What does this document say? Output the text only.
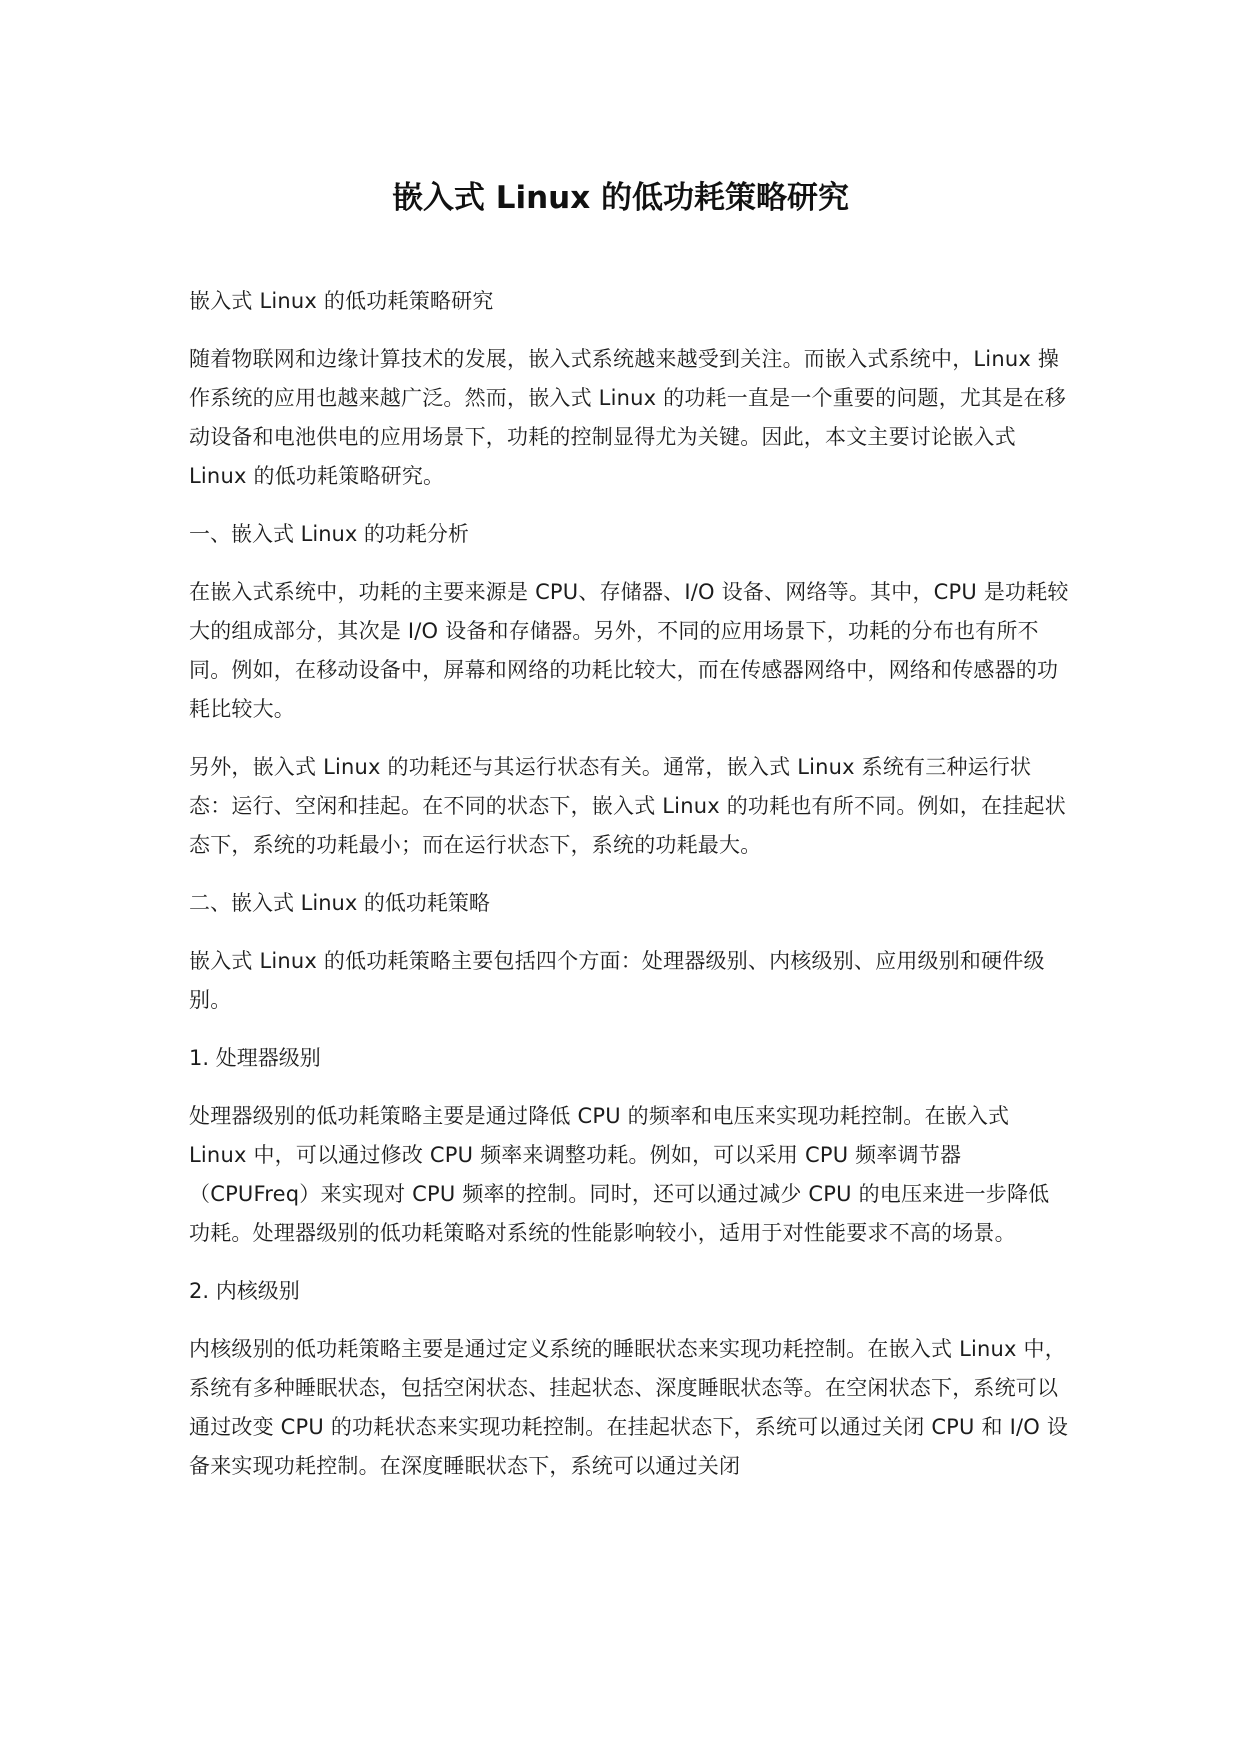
嵌入式 Linux 的低功耗策略研究

嵌入式 Linux 的低功耗策略研究

随着物联网和边缘计算技术的发展，嵌入式系统越来越受到关注。而嵌入式系统中，Linux 操作系统的应用也越来越广泛。然而，嵌入式 Linux 的功耗一直是一个重要的问题，尤其是在移动设备和电池供电的应用场景下，功耗的控制显得尤为关键。因此，本文主要讨论嵌入式 Linux 的低功耗策略研究。

一、嵌入式 Linux 的功耗分析

在嵌入式系统中，功耗的主要来源是 CPU、存储器、I/O 设备、网络等。其中，CPU 是功耗较大的组成部分，其次是 I/O 设备和存储器。另外，不同的应用场景下，功耗的分布也有所不同。例如，在移动设备中，屏幕和网络的功耗比较大，而在传感器网络中，网络和传感器的功耗比较大。

另外，嵌入式 Linux 的功耗还与其运行状态有关。通常，嵌入式 Linux 系统有三种运行状态：运行、空闲和挂起。在不同的状态下，嵌入式 Linux 的功耗也有所不同。例如，在挂起状态下，系统的功耗最小；而在运行状态下，系统的功耗最大。

二、嵌入式 Linux 的低功耗策略

嵌入式 Linux 的低功耗策略主要包括四个方面：处理器级别、内核级别、应用级别和硬件级别。

1. 处理器级别

处理器级别的低功耗策略主要是通过降低 CPU 的频率和电压来实现功耗控制。在嵌入式 Linux 中，可以通过修改 CPU 频率来调整功耗。例如，可以采用 CPU 频率调节器（CPUFreq）来实现对 CPU 频率的控制。同时，还可以通过减少 CPU 的电压来进一步降低功耗。处理器级别的低功耗策略对系统的性能影响较小，适用于对性能要求不高的场景。

2. 内核级别

内核级别的低功耗策略主要是通过定义系统的睡眠状态来实现功耗控制。在嵌入式 Linux 中，系统有多种睡眠状态，包括空闲状态、挂起状态、深度睡眠状态等。在空闲状态下，系统可以通过改变 CPU 的功耗状态来实现功耗控制。在挂起状态下，系统可以通过关闭 CPU 和 I/O 设备来实现功耗控制。在深度睡眠状态下，系统可以通过关闭
